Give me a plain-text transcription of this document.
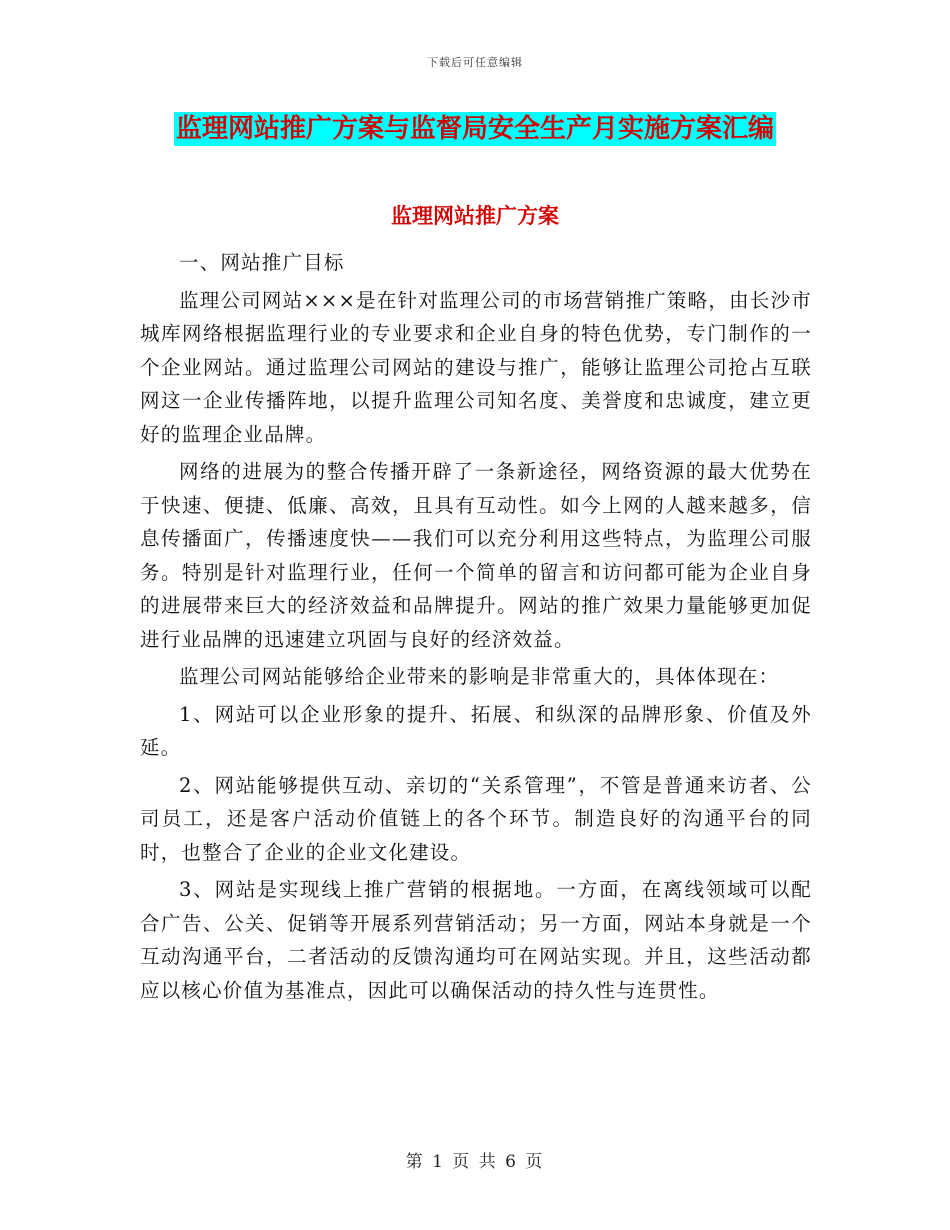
下载后可任意编辑
监理网站推广方案与监督局安全生产月实施方案汇编
监理网站推广方案

一、网站推广目标

监理公司网站×××是在针对监理公司的市场营销推广策略，由长沙市城库网络根据监理行业的专业要求和企业自身的特色优势，专门制作的一个企业网站。通过监理公司网站的建设与推广，能够让监理公司抢占互联网这一企业传播阵地，以提升监理公司知名度、美誉度和忠诚度，建立更好的监理企业品牌。

网络的进展为的整合传播开辟了一条新途径，网络资源的最大优势在于快速、便捷、低廉、高效，且具有互动性。如今上网的人越来越多，信息传播面广，传播速度快——我们可以充分利用这些特点，为监理公司服务。特别是针对监理行业，任何一个简单的留言和访问都可能为企业自身的进展带来巨大的经济效益和品牌提升。网站的推广效果力量能够更加促进行业品牌的迅速建立巩固与良好的经济效益。

监理公司网站能够给企业带来的影响是非常重大的，具体体现在：

1、网站可以企业形象的提升、拓展、和纵深的品牌形象、价值及外延。

2、网站能够提供互动、亲切的“关系管理”，不管是普通来访者、公司员工，还是客户活动价值链上的各个环节。制造良好的沟通平台的同时，也整合了企业的企业文化建设。

3、网站是实现线上推广营销的根据地。一方面，在离线领域可以配合广告、公关、促销等开展系列营销活动；另一方面，网站本身就是一个互动沟通平台，二者活动的反馈沟通均可在网站实现。并且，这些活动都应以核心价值为基准点，因此可以确保活动的持久性与连贯性。

第 1 页 共 6 页
